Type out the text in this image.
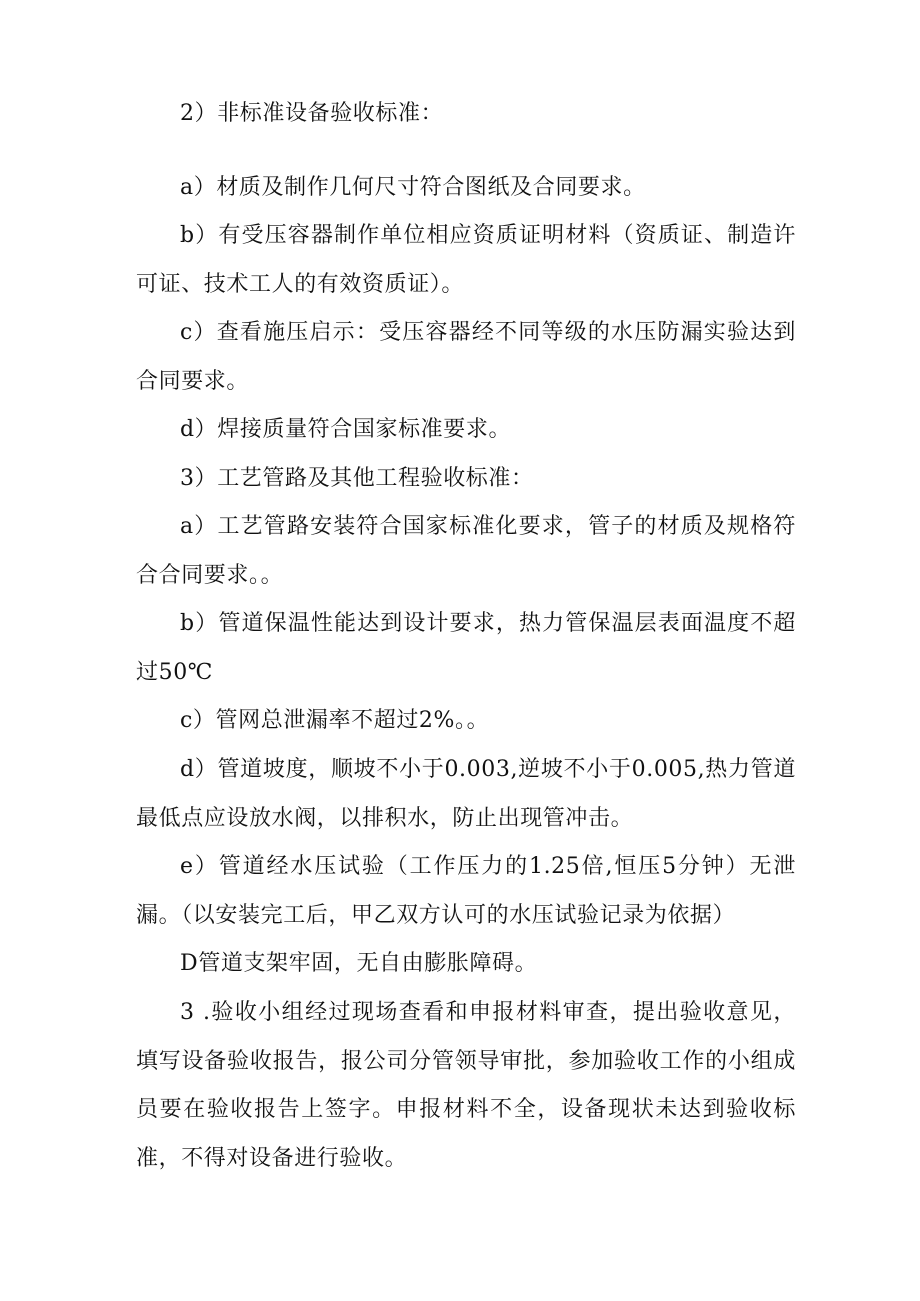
2）非标准设备验收标准：

a）材质及制作几何尺寸符合图纸及合同要求。

b）有受压容器制作单位相应资质证明材料（资质证、制造许可证、技术工人的有效资质证）。

c）查看施压启示：受压容器经不同等级的水压防漏实验达到合同要求。

d）焊接质量符合国家标准要求。

3）工艺管路及其他工程验收标准：

a）工艺管路安装符合国家标准化要求，管子的材质及规格符合合同要求。。

b）管道保温性能达到设计要求，热力管保温层表面温度不超过50℃

c）管网总泄漏率不超过2%。。

d）管道坡度，顺坡不小于0.003,逆坡不小于0.005,热力管道最低点应设放水阀，以排积水，防止出现管冲击。

e）管道经水压试验（工作压力的1.25倍,恒压5分钟）无泄漏。（以安装完工后，甲乙双方认可的水压试验记录为依据）

D管道支架牢固，无自由膨胀障碍。

3 .验收小组经过现场查看和申报材料审查，提出验收意见，填写设备验收报告，报公司分管领导审批，参加验收工作的小组成员要在验收报告上签字。申报材料不全，设备现状未达到验收标准，不得对设备进行验收。
